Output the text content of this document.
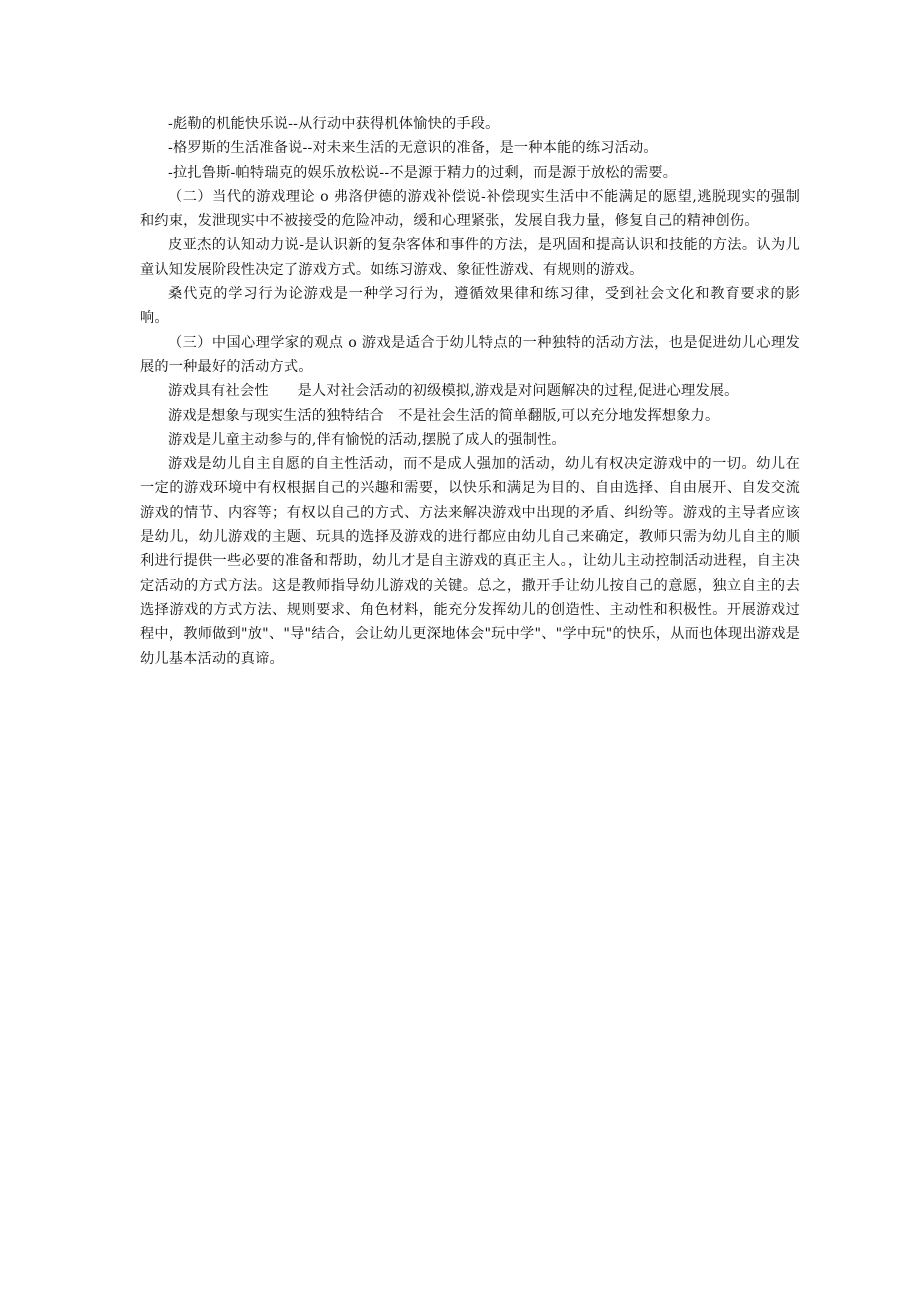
-彪勒的机能快乐说--从行动中获得机体愉快的手段。

-格罗斯的生活准备说--对未来生活的无意识的准备，是一种本能的练习活动。

-拉扎鲁斯-帕特瑞克的娱乐放松说--不是源于精力的过剩，而是源于放松的需要。

（二）当代的游戏理论 o 弗洛伊德的游戏补偿说-补偿现实生活中不能满足的愿望,逃脱现实的强制和约束，发泄现实中不被接受的危险冲动，缓和心理紧张，发展自我力量，修复自己的精神创伤。

皮亚杰的认知动力说-是认识新的复杂客体和事件的方法，是巩固和提高认识和技能的方法。认为儿童认知发展阶段性决定了游戏方式。如练习游戏、象征性游戏、有规则的游戏。

桑代克的学习行为论游戏是一种学习行为，遵循效果律和练习律，受到社会文化和教育要求的影响。

（三）中国心理学家的观点 o 游戏是适合于幼儿特点的一种独特的活动方法，也是促进幼儿心理发展的一种最好的活动方式。

游戏具有社会性　　是人对社会活动的初级模拟,游戏是对问题解决的过程,促进心理发展。

游戏是想象与现实生活的独特结合　不是社会生活的简单翻版,可以充分地发挥想象力。

游戏是儿童主动参与的,伴有愉悦的活动,摆脱了成人的强制性。

游戏是幼儿自主自愿的自主性活动，而不是成人强加的活动，幼儿有权决定游戏中的一切。幼儿在一定的游戏环境中有权根据自己的兴趣和需要，以快乐和满足为目的、自由选择、自由展开、自发交流游戏的情节、内容等；有权以自己的方式、方法来解决游戏中出现的矛盾、纠纷等。游戏的主导者应该是幼儿，幼儿游戏的主题、玩具的选择及游戏的进行都应由幼儿自己来确定，教师只需为幼儿自主的顺利进行提供一些必要的准备和帮助，幼儿才是自主游戏的真正主人。，让幼儿主动控制活动进程，自主决定活动的方式方法。这是教师指导幼儿游戏的关键。总之，撒开手让幼儿按自己的意愿，独立自主的去选择游戏的方式方法、规则要求、角色材料，能充分发挥幼儿的创造性、主动性和积极性。开展游戏过程中，教师做到"放"、"导"结合，会让幼儿更深地体会"玩中学"、"学中玩"的快乐，从而也体现出游戏是幼儿基本活动的真谛。
